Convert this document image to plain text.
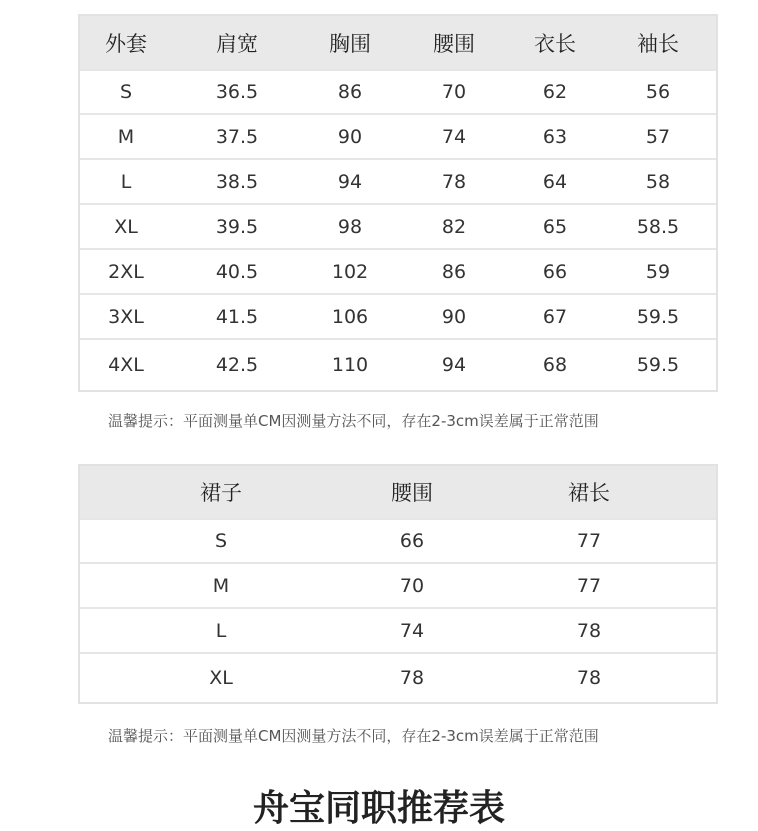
外套	肩宽	胸围	腰围	衣长	袖长
S	36.5	86	70	62	56
M	37.5	90	74	63	57
L	38.5	94	78	64	58
XL	39.5	98	82	65	58.5
2XL	40.5	102	86	66	59
3XL	41.5	106	90	67	59.5
4XL	42.5	110	94	68	59.5
温馨提示：平面测量单CM因测量方法不同，存在2-3cm误差属于正常范围
裙子	腰围	裙长
S	66	77
M	70	77
L	74	78
XL	78	78
温馨提示：平面测量单CM因测量方法不同，存在2-3cm误差属于正常范围
舟宝同职推荐表
